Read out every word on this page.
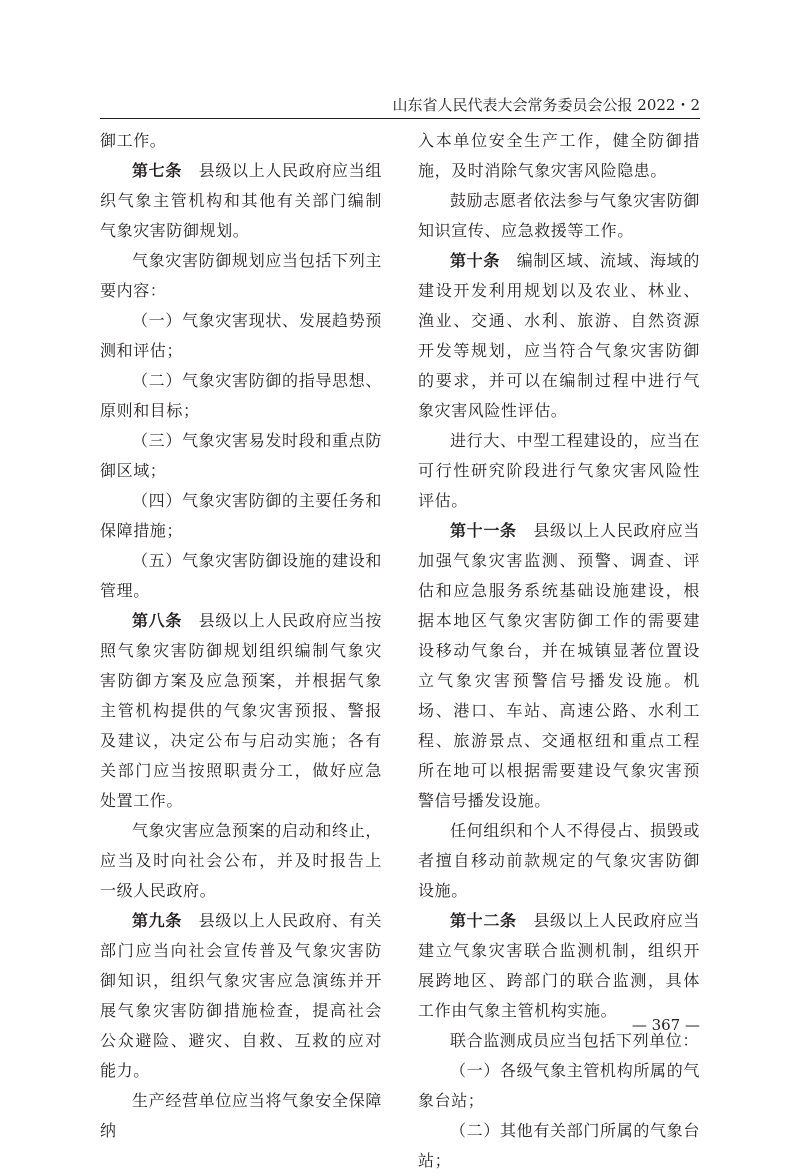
山东省人民代表大会常务委员会公报 2022・2

御工作。

第七条　 县级以上人民政府应当组织气象主管机构和其他有关部门编制气象灾害防御规划。

气象灾害防御规划应当包括下列主要内容：

（一）气象灾害现状、发展趋势预测和评估；

（二）气象灾害防御的指导思想、原则和目标；

（三）气象灾害易发时段和重点防御区域；

（四）气象灾害防御的主要任务和保障措施；

（五）气象灾害防御设施的建设和管理。

第八条　 县级以上人民政府应当按照气象灾害防御规划组织编制气象灾害防御方案及应急预案，并根据气象主管机构提供的气象灾害预报、警报及建议，决定公布与启动实施；各有关部门应当按照职责分工，做好应急处置工作。

气象灾害应急预案的启动和终止，应当及时向社会公布，并及时报告上一级人民政府。

第九条　 县级以上人民政府、有关部门应当向社会宣传普及气象灾害防御知识，组织气象灾害应急演练并开展气象灾害防御措施检查，提高社会公众避险、避灾、自救、互救的应对能力。

生产经营单位应当将气象安全保障纳

入本单位安全生产工作，健全防御措施，及时消除气象灾害风险隐患。

鼓励志愿者依法参与气象灾害防御知识宣传、应急救援等工作。

第十条　 编制区域、流域、海域的建设开发利用规划以及农业、林业、渔业、交通、水利、旅游、自然资源开发等规划，应当符合气象灾害防御的要求，并可以在编制过程中进行气象灾害风险性评估。

进行大、中型工程建设的，应当在可行性研究阶段进行气象灾害风险性评估。

第十一条　 县级以上人民政府应当加强气象灾害监测、预警、调查、评估和应急服务系统基础设施建设，根据本地区气象灾害防御工作的需要建设移动气象台，并在城镇显著位置设立气象灾害预警信号播发设施。机场、港口、车站、高速公路、水利工程、旅游景点、交通枢纽和重点工程所在地可以根据需要建设气象灾害预警信号播发设施。

任何组织和个人不得侵占、损毁或者擅自移动前款规定的气象灾害防御设施。

第十二条　 县级以上人民政府应当建立气象灾害联合监测机制，组织开展跨地区、跨部门的联合监测，具体工作由气象主管机构实施。

联合监测成员应当包括下列单位：

（一）各级气象主管机构所属的气象台站；

（二）其他有关部门所属的气象台站；

— 367 —
